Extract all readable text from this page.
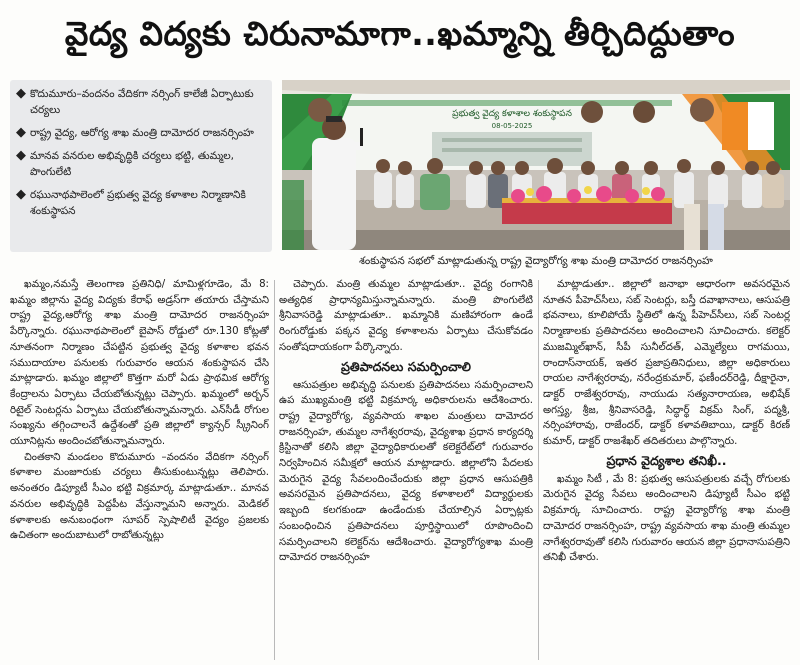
వైద్య విద్యకు చిరునామాగా..ఖమ్మాన్ని తీర్చిదిద్దుతాం
◆ కొదుమూరు–వందనం వేదికగా నర్సింగ్ కాలేజీ ఏర్పాటుకు చర్యలు
◆ రాష్ట్ర వైద్య, ఆరోగ్య శాఖ మంత్రి దామోదర రాజనర్సింహ
◆ మానవ వనరుల అభివృద్ధికి చర్యలు భట్టి, తుమ్మల, పొంగులేటి
◆ రఘునాథపాలెంలో ప్రభుత్వ వైద్య కళాశాల నిర్మాణానికి శంకుస్థాపన
ప్రభుత్వ వైద్య కళాశాల శంకుస్థాపన
08-05-2025
శంకుస్థాపన సభలో మాట్లాడుతున్న రాష్ట్ర వైద్యారోగ్య శాఖ మంత్రి దామోదర రాజనర్సింహ

ఖమ్మం,నమస్తే తెలంగాణ ప్రతినిధి/ మామిళ్లగూడెం, మే 8: ఖమ్మం జిల్లాను వైద్య విద్యకు కేరాఫ్ అడ్రస్‌గా తయారు చేస్తామని రాష్ట్ర వైద్య,ఆరోగ్య శాఖ మంత్రి దామోదర రాజనర్సింహ పేర్కొన్నారు. రఘునాథపాలెంలో బైపాస్ రోడ్డులో రూ.130 కోట్లతో నూతనంగా నిర్మాణం చేపట్టిన ప్రభుత్వ వైద్య కళాశాల భవన సముదాయాల పనులకు గురువారం ఆయన శంకుస్థాపన చేసి మాట్లాడారు. ఖమ్మం జిల్లాలో కొత్తగా మరో ఏడు ప్రాథమిక ఆరోగ్య కేంద్రాలను ఏర్పాటు చేయబోతున్నట్లు చెప్పారు. ఖమ్మంలో అర్బన్ రిటైల్ సెంటర్లను ఏర్పాటు చేయబోతున్నామన్నారు. ఎన్‌సీడీ రోగుల సంఖ్యను తగ్గించాలనే ఉద్దేశంతో ప్రతి జిల్లాలో క్యాన్సర్ స్క్రీనింగ్ యూనిట్లను అందించబోతున్నామన్నారు.

చింతకాని మండలం కొదుమూరు –వందనం వేదికగా నర్సింగ్ కళాశాల మంజూరుకు చర్యలు తీసుకుంటున్నట్లు తెలిపారు. అనంతరం డిప్యూటీ సీఎం భట్టి విక్రమార్క మాట్లాడుతూ.. మానవ వనరుల అభివృద్ధికి పెద్దపీట వేస్తున్నామని అన్నారు. మెడికల్ కళాశాలకు అనుబంధంగా సూపర్ స్పెషాలిటీ వైద్యం ప్రజలకు ఉచితంగా అందుబాటులో రాబోతున్నట్లు

చెప్పారు. మంత్రి తుమ్మల మాట్లాడుతూ.. వైద్య రంగానికి అత్యధిక ప్రాధాన్యమిస్తున్నామన్నారు. మంత్రి పొంగులేటి శ్రీనివాసరెడ్డి మాట్లాడుతూ.. ఖమ్మానికి మణిహారంగా ఉండే రింగురోడ్డుకు పక్కన వైద్య కళాశాలను ఏర్పాటు చేసుకోవడం సంతోషదాయకంగా పేర్కొన్నారు.

ప్రతిపాదనలు సమర్పించాలి

ఆసుపత్రుల అభివృద్ధి పనులకు ప్రతిపాదనలు సమర్పించాలని ఉప ముఖ్యమంత్రి భట్టి విక్రమార్క అధికారులను ఆదేశించారు. రాష్ట్ర వైద్యారోగ్య, వ్యవసాయ శాఖల మంత్రులు దామోదర రాజనర్సింహ, తుమ్మల నాగేశ్వరరావు, వైద్యశాఖ ప్రధాన కార్యదర్శి క్రిస్టినాతో కలిసి జిల్లా వైద్యాధికారులతో కలెక్టరేట్‌లో గురువారం నిర్వహించిన సమీక్షలో ఆయన మాట్లాడారు. జిల్లాలోని పేదలకు మెరుగైన వైద్య సేవలందించేందుకు జిల్లా ప్రధాన ఆసుపత్రికి అవసరమైన ప్రతిపాదనలు, వైద్య కళాశాలలో విద్యార్థులకు ఇబ్బంది కలగకుండా ఉండేందుకు చేయాల్సిన ఏర్పాట్లకు సంబంధించిన ప్రతిపాదనలు పూర్తిస్థాయిలో రూపొందించి సమర్పించాలని కలెక్టర్‌ను ఆదేశించారు. వైద్యారోగ్యశాఖ మంత్రి దామోదర రాజనర్సింహ

మాట్లాడుతూ.. జిల్లాలో జనాభా ఆధారంగా అవసరమైన నూతన పీహెచ్‌సీలు, సబ్ సెంటర్లు, బస్తీ దవాఖానాలు, ఆసుపత్రి భవనాలు, కూలిపోయే స్థితిలో ఉన్న పీహెచ్‌సీలు, సబ్ సెంటర్ల నిర్మాణాలకు ప్రతిపాదనలు అందించాలని సూచించారు. కలెక్టర్ ముజమ్మిల్‌ఖాన్, సీపీ సునీల్‌దత్, ఎమ్మెల్యేలు రాగమయి, రాందాస్‌నాయక్, ఇతర ప్రజాప్రతినిధులు, జిల్లా అధికారులు రాయల నాగేశ్వరరావు, నరేంద్రకుమార్, ఫణీందర్‌రెడ్డి, దీక్షారైనా, డాక్టర్ రాజేశ్వరరావు, నాయుడు సత్యనారాయణ, అభిషేక్ అగస్త్య, శ్రీజ, శ్రీనివాసరెడ్డి, సిద్ధార్థ్ విక్రమ్ సింగ్, పద్మశ్రీ, నర్సింహారావు, రాజేందర్, డాక్టర్ కళావతిబాయి, డాక్టర్ కిరణ్ కుమార్, డాక్టర్ రాజశేఖర్ తదితరులు పాల్గొన్నారు.

ప్రధాన వైద్యశాల తనిఖీ..

ఖమ్మం సిటీ , మే 8: ప్రభుత్వ ఆసుపత్రులకు వచ్చే రోగులకు మెరుగైన వైద్య సేవలు అందించాలని డిప్యూటీ సీఎం భట్టి విక్రమార్క సూచించారు. రాష్ట్ర వైద్యారోగ్య శాఖ మంత్రి దామోదర రాజనర్సింహ, రాష్ట్ర వ్యవసాయ శాఖ మంత్రి తుమ్మల నాగేశ్వరరావుతో కలిసి గురువారం ఆయన జిల్లా ప్రధానాసుపత్రిని తనిఖీ చేశారు.
